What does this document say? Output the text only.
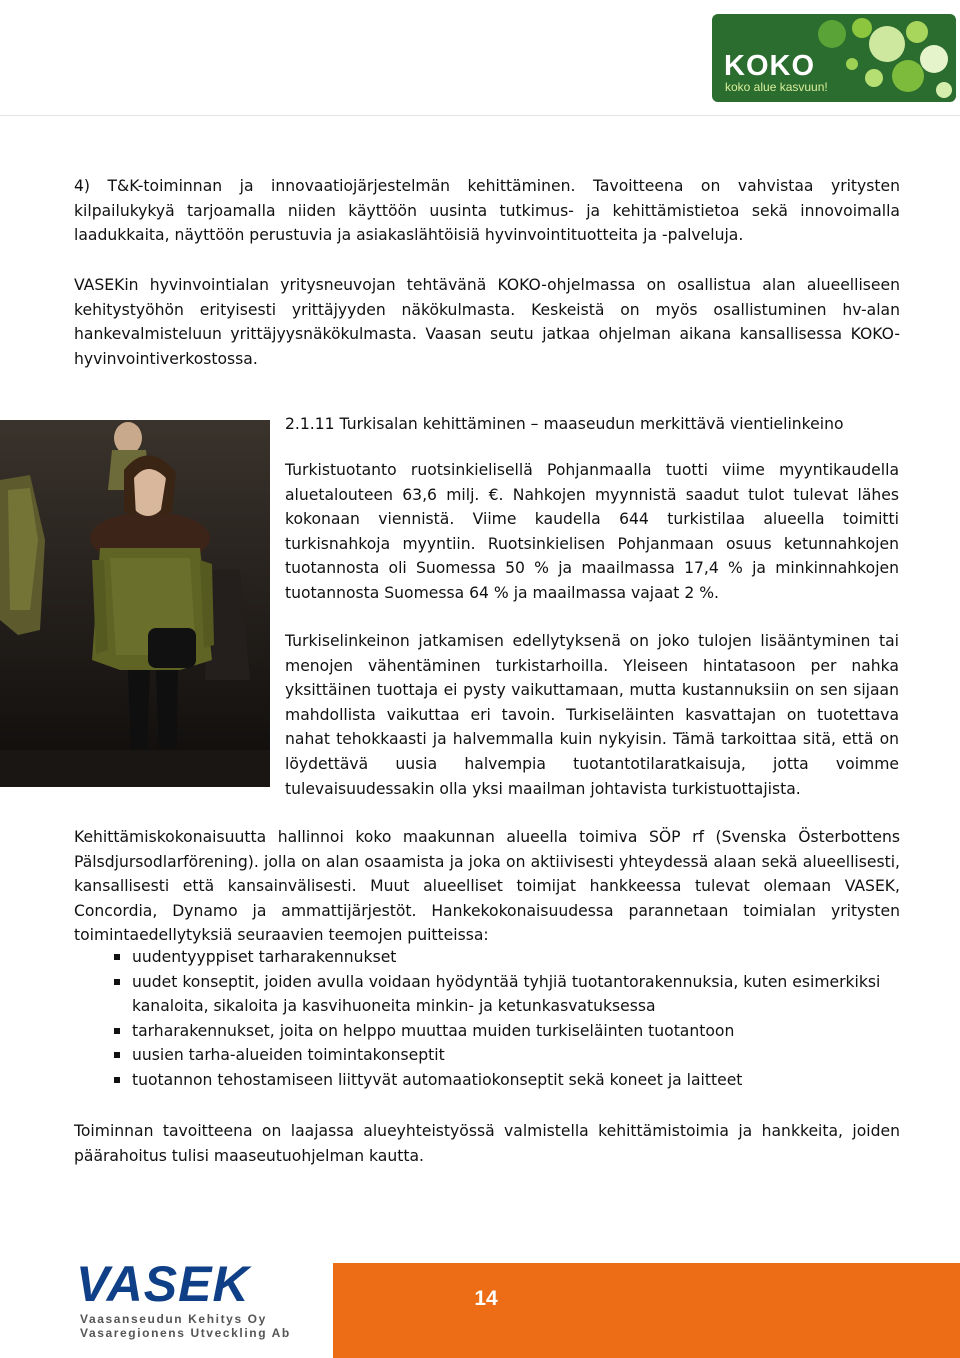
KOKO
koko alue kasvuun!

4) T&K-toiminnan ja innovaatiojärjestelmän kehittäminen. Tavoitteena on vahvistaa yritysten kilpailukykyä tarjoamalla niiden käyttöön uusinta tutkimus- ja kehittämistietoa sekä innovoimalla laadukkaita, näyttöön perustuvia ja asiakaslähtöisiä hyvinvointituotteita ja -palveluja.

VASEKin hyvinvointialan yritysneuvojan tehtävänä KOKO-ohjelmassa on osallistua alan alueelliseen kehitystyöhön erityisesti yrittäjyyden näkökulmasta. Keskeistä on myös osallistuminen hv-alan hankevalmisteluun yrittäjyysnäkökulmasta. Vaasan seutu jatkaa ohjelman aikana kansallisessa KOKO-hyvinvointiverkostossa.

2.1.11 Turkisalan kehittäminen – maaseudun merkittävä vientielinkeino

Turkistuotanto ruotsinkielisellä Pohjanmaalla tuotti viime myyntikaudella aluetalouteen 63,6 milj. €. Nahkojen myynnistä saadut tulot tulevat lähes kokonaan viennistä. Viime kaudella 644 turkistilaa alueella toimitti turkisnahkoja myyntiin. Ruotsinkielisen Pohjanmaan osuus ketunnahkojen tuotannosta oli Suomessa 50 % ja maailmassa 17,4 % ja minkinnahkojen tuotannosta Suomessa 64 % ja maailmassa vajaat 2 %.

Turkiselinkeinon jatkamisen edellytyksenä on joko tulojen lisääntyminen tai menojen vähentäminen turkistarhoilla. Yleiseen hintatasoon per nahka yksittäinen tuottaja ei pysty vaikuttamaan, mutta kustannuksiin on sen sijaan mahdollista vaikuttaa eri tavoin. Turkiseläinten kasvattajan on tuotettava nahat tehokkaasti ja halvemmalla kuin nykyisin. Tämä tarkoittaa sitä, että on löydettävä uusia halvempia tuotantotilaratkaisuja, jotta voimme tulevaisuudessakin olla yksi maailman johtavista turkistuottajista.

Kehittämiskokonaisuutta hallinnoi koko maakunnan alueella toimiva SÖP rf (Svenska Österbottens Pälsdjursodlarförening). jolla on alan osaamista ja joka on aktiivisesti yhteydessä alaan sekä alueellisesti, kansallisesti että kansainvälisesti. Muut alueelliset toimijat hankkeessa tulevat olemaan VASEK, Concordia, Dynamo ja ammattijärjestöt. Hankekokonaisuudessa parannetaan toimialan yritysten toimintaedellytyksiä seuraavien teemojen puitteissa:

uudentyyppiset tarharakennukset
uudet konseptit, joiden avulla voidaan hyödyntää tyhjiä tuotantorakennuksia, kuten esimerkiksi kanaloita, sikaloita ja kasvihuoneita minkin- ja ketunkasvatuksessa
tarharakennukset, joita on helppo muuttaa muiden turkiseläinten tuotantoon
uusien tarha-alueiden toimintakonseptit
tuotannon tehostamiseen liittyvät automaatiokonseptit sekä koneet ja laitteet

Toiminnan tavoitteena on laajassa alueyhteistyössä valmistella kehittämistoimia ja hankkeita, joiden päärahoitus tulisi maaseutuohjelman kautta.

VASEK
Vaasanseudun Kehitys Oy
Vasaregionens Utveckling Ab
14
